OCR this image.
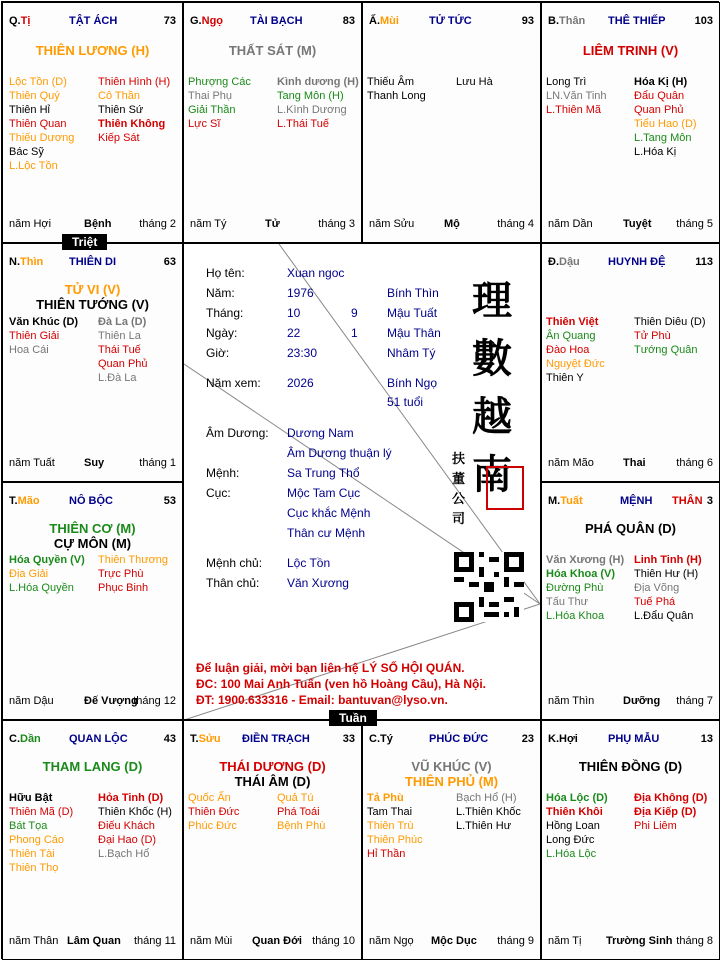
Q.Tị	TẬT ÁCH	73
THIÊN LƯƠNG (H)
Lộc Tồn (D)
Thiên Quý
Thiên Hỉ
Thiên Quan
Thiếu Dương
Bác Sỹ
L.Lộc Tồn
Thiên Hình (H)
Cô Thần
Thiên Sứ
Thiên Không
Kiếp Sát
năm Hợi	Bệnh	tháng 2
G.Ngọ TÀI BẠCH	83
THẤT SÁT (M)
Phượng Các
Thai Phụ
Giải Thần
Lực Sĩ
Kình dương (H)
Tang Môn (H)
L.Kình Dương
L.Thái Tuế
năm Tý	Tử	tháng 3
Ấ.Mùi	TỬ TỨC	93
Thiếu Âm
Thanh Long
Lưu Hà
năm Sửu	Mộ	tháng 4
B.Thân THÊ THIẾP	103
LIÊM TRINH (V)
Long Trì
LN.Văn Tinh
L.Thiên Mã
Hóa Kị (H)
Đẩu Quân
Quan Phủ
Tiểu Hao (D)
L.Tang Môn
L.Hóa Kị
năm Dần	Tuyệt tháng 5
N.Thìn THIÊN DI	63
TỬ VI (V)
THIÊN TƯỚNG (V)
Văn Khúc (D)
Thiên Giải
Hoa Cái
Đà La (D)
Thiên La
Thái Tuế
Quan Phủ
L.Đà La
năm Tuất	Suy	tháng 1
Đ.Dậu	HUYNH ĐỆ	113
Thiên Việt
Ân Quang
Đào Hoa
Nguyệt Đức
Thiên Y
Thiên Diêu (D)
Tử Phù
Tướng Quân
năm Mão	Thai	tháng 6
T.Mão	NÔ BỘC	53
THIÊN CƠ (M)
CỰ MÔN (M)
Hóa Quyền (V)
Địa Giải
L.Hóa Quyền
Thiên Thương
Trực Phù
Phục Binh
năm Dậu	Đế Vượng
tháng 12
M.Tuất	MỆNH THÂN 3
PHÁ QUÂN (D)
Văn Xương (H)
Hóa Khoa (V)
Đường Phù
Tấu Thư
L.Hóa Khoa
Linh Tinh (H)
Thiên Hư (H)
Địa Võng
Tuế Phá
L.Đẩu Quân
năm Thìn	Dưỡng tháng 7
C.Dần	QUAN LỘC	43
THAM LANG (D)
Hữu Bật
Thiên Mã (D)
Bát Tọa
Phong Cáo
Thiên Tài
Thiên Thọ
Hỏa Tinh (D)
Thiên Khốc (H)
Điếu Khách
Đại Hao (D)
L.Bạch Hổ
năm Thân Lâm Quan tháng 11
T.Sửu ĐIỀN TRẠCH	33
THÁI DƯƠNG (D)
THÁI ÂM (D)
Quốc Ấn
Thiên Đức
Phúc Đức
Quả Tú
Phá Toái
Bệnh Phù
năm Mùi Quan Đới tháng 10
C.Tý	PHÚC ĐỨC	23
VŨ KHÚC (V)
THIÊN PHỦ (M)
Tả Phù
Tam Thai
Thiên Trù
Thiên Phúc
Hỉ Thần
Bạch Hổ (H)
L.Thiên Khốc
L.Thiên Hư
năm Ngọ Mộc Dục tháng 9
K.Hợi	PHỤ MẪU	13
THIÊN ĐỒNG (D)
Hóa Lộc (D)
Thiên Khôi
Hồng Loan
Long Đức
L.Hóa Lộc
Địa Không (D)
Địa Kiếp (D)
Phi Liêm
năm Tị Trường Sinh tháng 8
Họ tên:	Xuan ngoc
Năm:	1976	Bính Thìn
Tháng:	10	9 Mậu Tuất
Ngày:	22	1 Mậu Thân
Giờ:	23:30	Nhâm Tý
Năm xem: 2026	Bính Ngọ
51 tuổi
Âm Dương: Dương Nam
Âm Dương thuận lý
Mệnh:	Sa Trung Thổ
Cục:	Mộc Tam Cục
Cục khắc Mệnh
Thân cư Mệnh
Mệnh chủ: Lộc Tồn
Thân chủ: Văn Xương
理
數
越
南
扶
董
公
司
Để luận giải, mời bạn liên hệ LÝ SỐ HỘI QUÁN.
ĐC: 100 Mai Anh Tuấn (ven hồ Hoàng Cầu), Hà Nội.
ĐT: 1900.633316 - Email: bantuvan@lyso.vn.
Triệt
Tuần
